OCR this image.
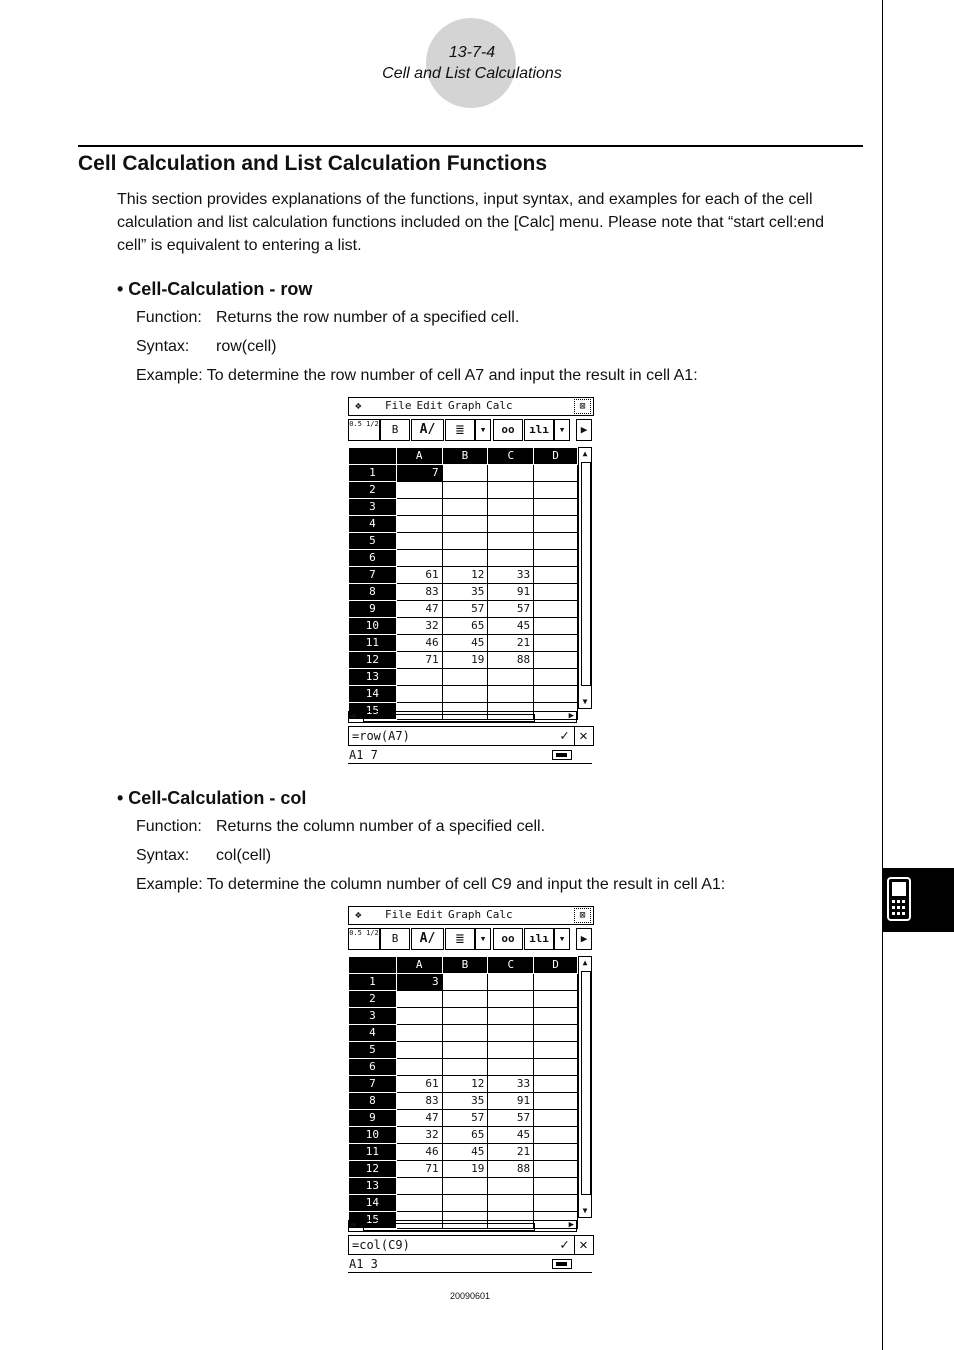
13-7-4
Cell and List Calculations
Cell Calculation and List Calculation Functions
This section provides explanations of the functions, input syntax, and examples for each of the cell calculation and list calculation functions included on the [Calc] menu. Please note that “start cell:end cell” is equivalent to entering a list.
• Cell-Calculation - row
Function: Returns the row number of a specified cell.
Syntax: row(cell)
Example: To determine the row number of cell A7 and input the result in cell A1:
❖ File Edit Graph Calc	⊠
0.5 1/2	B	A/	≣	▾	oo	ılı ▾	▶
	A	B	C	D
1	7			
2				
3				
4				
5				
6				
7	61	12	33	
8	83	35	91	
9	47	57	57	
10	32	65	45	
11	46	45	21	
12	71	19	88	
13				
14				
15				
▲
▼
◀	▶
=row(A7)	✓ ✕
A1 7
• Cell-Calculation - col
Function: Returns the column number of a specified cell.
Syntax: col(cell)
Example: To determine the column number of cell C9 and input the result in cell A1:
❖ File Edit Graph Calc	⊠
0.5 1/2	B	A/	≣	▾	oo	ılı ▾	▶
	A	B	C	D
1	3			
2				
3				
4				
5				
6				
7	61	12	33	
8	83	35	91	
9	47	57	57	
10	32	65	45	
11	46	45	21	
12	71	19	88	
13				
14				
15				
▲
▼
◀	▶
=col(C9)	✓ ✕
A1 3
20090601
